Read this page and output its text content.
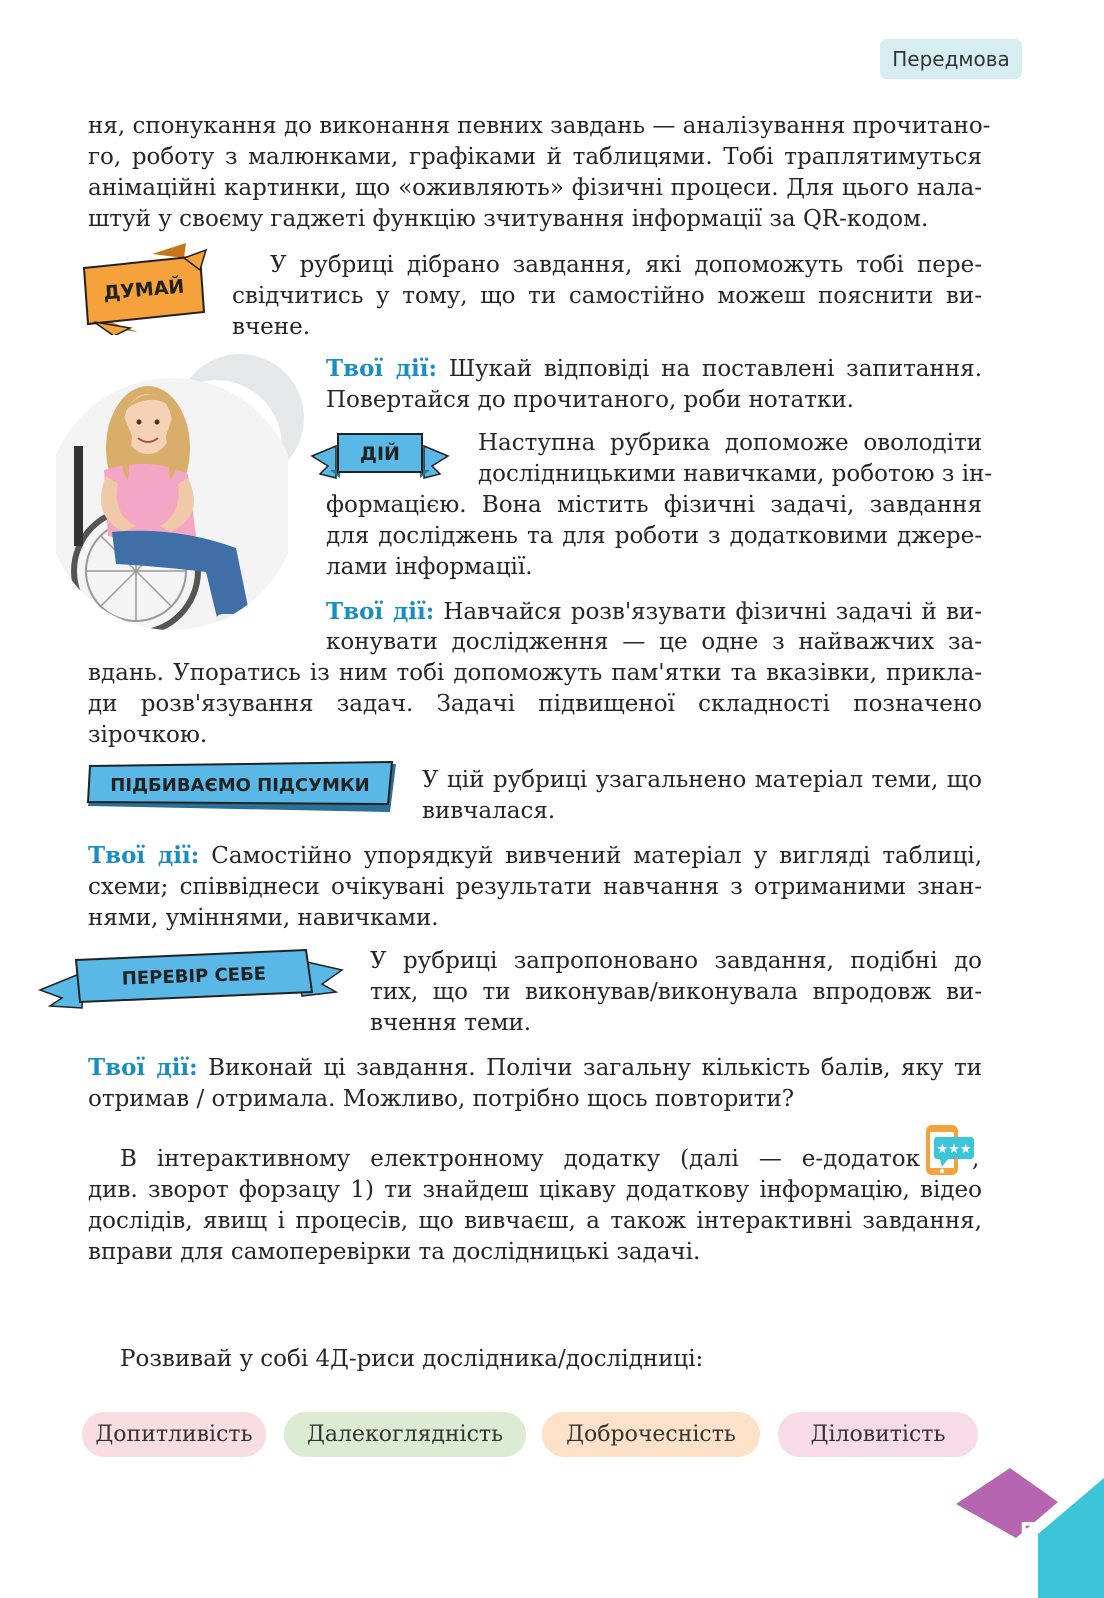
Передмова
ня, спонукання до виконання певних завдань — аналізування прочитано-
го, роботу з малюнками, графіками й таблицями. Тобі траплятимуться
анімаційні картинки, що «оживляють» фізичні процеси. Для цього нала-
штуй у своєму гаджеті функцію зчитування інформації за QR-кодом.
ДУМАЙ
У рубриці дібрано завдання, які допоможуть тобі пере-
свідчитись у тому, що ти самостійно можеш пояснити ви-
вчене.
Твої дії: Шукай відповіді на поставлені запитання.
Повертайся до прочитаного, роби нотатки.
ДІЙ	Наступна рубрика допоможе оволодіти
дослідницькими навичками, роботою з ін-
формацією. Вона містить фізичні задачі, завдання
для досліджень та для роботи з додатковими джере-
лами інформації.
Твої дії: Навчайся розв'язувати фізичні задачі й ви-
конувати дослідження — це одне з найважчих за-
вдань. Упоратись із ним тобі допоможуть пам'ятки та вказівки, прикла-
ди розв'язування задач. Задачі підвищеної складності позначено
зірочкою.
ПІДБИВАЄМО ПІДСУМКИ У цій рубриці узагальнено матеріал теми, що
вивчалася.
Твої дії: Самостійно упорядкуй вивчений матеріал у вигляді таблиці,
схеми; співвіднеси очікувані результати навчання з отриманими знан-
нями, уміннями, навичками.
ПЕРЕВІР СЕБЕ
У рубриці запропоновано завдання, подібні до
тих, що ти виконував/виконувала впродовж ви-
вчення теми.
Твої дії: Виконай ці завдання. Полічи загальну кількість балів, яку ти
отримав / отримала. Можливо, потрібно щось повторити?
В інтерактивному електронному додатку (далі — е-додаток ★★★ ,
див. зворот форзацу 1) ти знайдеш цікаву додаткову інформацію, відео
дослідів, явищ і процесів, що вивчаєш, а також інтерактивні завдання,
вправи для самоперевірки та дослідницькі задачі.
Розвивай у собі 4Д-риси дослідника/дослідниці:
Допитливість	Далекоглядність	Доброчесність	Діловитість
5
